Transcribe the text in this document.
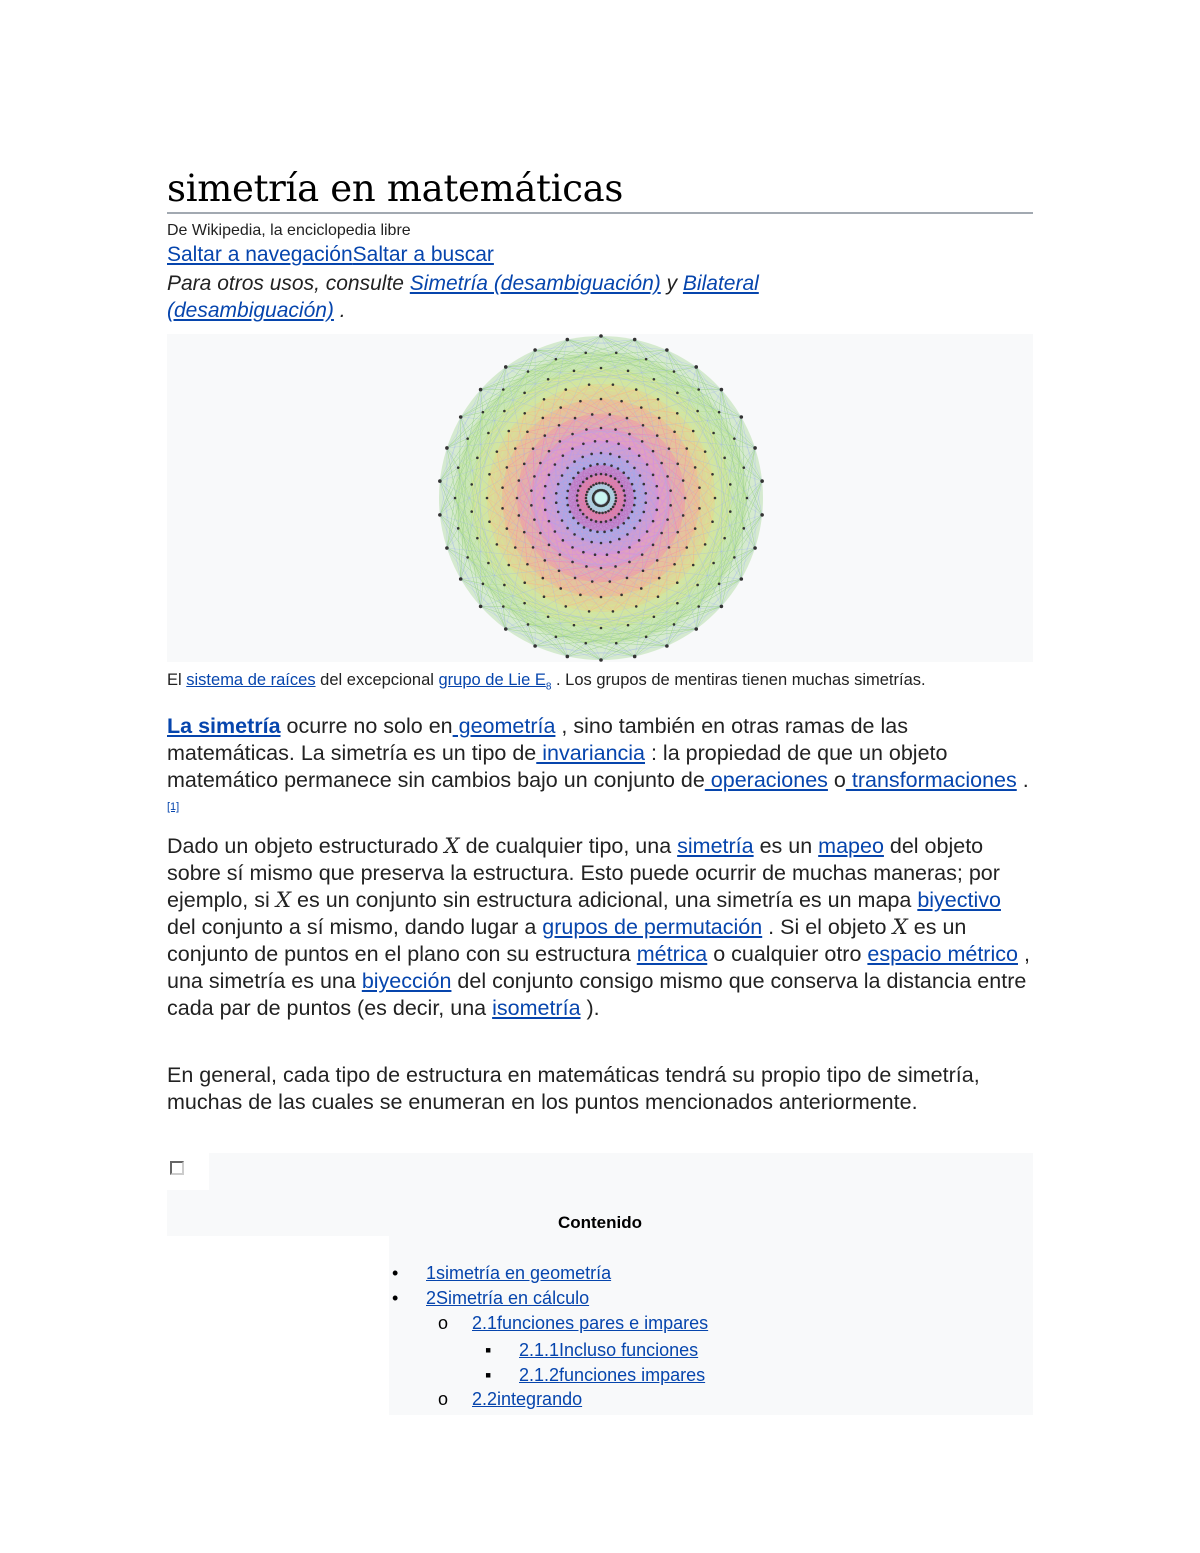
simetría en matemáticas
De Wikipedia, la enciclopedia libre
Saltar a navegaciónSaltar a buscar
Para otros usos, consulte Simetría (desambiguación) y Bilateral (desambiguación) .
El sistema de raíces del excepcional grupo de Lie $E_8$ . Los grupos de mentiras tienen muchas simetrías.

La simetría ocurre no solo en geometría , sino también en otras ramas de las matemáticas. La simetría es un tipo de invariancia : la propiedad de que un objeto matemático permanece sin cambios bajo un conjunto de operaciones o transformaciones . [1]

Dado un objeto estructurado X de cualquier tipo, una simetría es un mapeo del objeto sobre sí mismo que preserva la estructura. Esto puede ocurrir de muchas maneras; por ejemplo, si X es un conjunto sin estructura adicional, una simetría es un mapa biyectivo del conjunto a sí mismo, dando lugar a grupos de permutación . Si el objeto X es un conjunto de puntos en el plano con su estructura métrica o cualquier otro espacio métrico , una simetría es una biyección del conjunto consigo mismo que conserva la distancia entre cada par de puntos (es decir, una isometría ).

En general, cada tipo de estructura en matemáticas tendrá su propio tipo de simetría, muchas de las cuales se enumeran en los puntos mencionados anteriormente.

Contenido
• 1simetría en geometría
• 2Simetría en cálculo
o 2.1funciones pares e impares
▪ 2.1.1Incluso funciones
▪ 2.1.2funciones impares
o 2.2integrando
